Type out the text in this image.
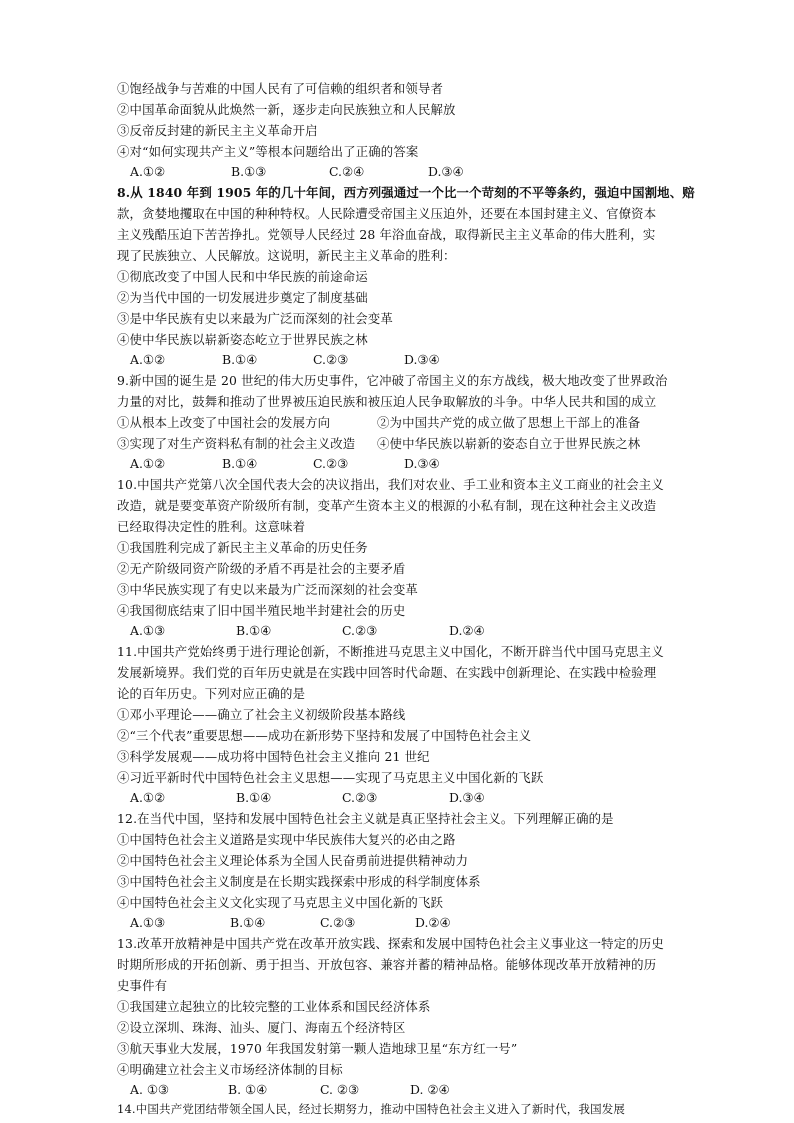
①饱经战争与苦难的中国人民有了可信赖的组织者和领导者
②中国革命面貌从此焕然一新，逐步走向民族独立和人民解放
③反帝反封建的新民主主义革命开启
④对“如何实现共产主义”等根本问题给出了正确的答案
A.①②	B.①③	C.②④	D.③④
8.从 1840 年到 1905 年的几十年间，西方列强通过一个比一个苛刻的不平等条约，强迫中国割地、赔
款，贪婪地攫取在中国的种种特权。人民除遭受帝国主义压迫外，还要在本国封建主义、官僚资本
主义残酷压迫下苦苦挣扎。党领导人民经过 28 年浴血奋战，取得新民主主义革命的伟大胜利，实
现了民族独立、人民解放。这说明，新民主主义革命的胜利：
①彻底改变了中国人民和中华民族的前途命运
②为当代中国的一切发展进步奠定了制度基础
③是中华民族有史以来最为广泛而深刻的社会变革
④使中华民族以崭新姿态屹立于世界民族之林
A.①②	B.①④	C.②③	D.③④
9.新中国的诞生是 20 世纪的伟大历史事件，它冲破了帝国主义的东方战线，极大地改变了世界政治
力量的对比，鼓舞和推动了世界被压迫民族和被压迫人民争取解放的斗争。中华人民共和国的成立
①从根本上改变了中国社会的发展方向	②为中国共产党的成立做了思想上干部上的准备
③实现了对生产资料私有制的社会主义改造 ④使中华民族以崭新的姿态自立于世界民族之林
A.①②	B.①④	C.②③	D.③④
10.中国共产党第八次全国代表大会的决议指出，我们对农业、手工业和资本主义工商业的社会主义
改造，就是要变革资产阶级所有制，变革产生资本主义的根源的小私有制，现在这种社会主义改造
已经取得决定性的胜利。这意味着
①我国胜利完成了新民主主义革命的历史任务
②无产阶级同资产阶级的矛盾不再是社会的主要矛盾
③中华民族实现了有史以来最为广泛而深刻的社会变革
④我国彻底结束了旧中国半殖民地半封建社会的历史
A.①③	B.①④	C.②③	D.②④
11.中国共产党始终勇于进行理论创新，不断推进马克思主义中国化，不断开辟当代中国马克思主义
发展新境界。我们党的百年历史就是在实践中回答时代命题、在实践中创新理论、在实践中检验理
论的百年历史。下列对应正确的是
①邓小平理论——确立了社会主义初级阶段基本路线
②“三个代表”重要思想——成功在新形势下坚持和发展了中国特色社会主义
③科学发展观——成功将中国特色社会主义推向 21 世纪
④习近平新时代中国特色社会主义思想——实现了马克思主义中国化新的飞跃
A.①②	B.①④	C.②③	D.③④
12.在当代中国，坚持和发展中国特色社会主义就是真正坚持社会主义。下列理解正确的是
①中国特色社会主义道路是实现中华民族伟大复兴的必由之路
②中国特色社会主义理论体系为全国人民奋勇前进提供精神动力
③中国特色社会主义制度是在长期实践探索中形成的科学制度体系
④中国特色社会主义文化实现了马克思主义中国化新的飞跃
A.①③	B.①④	C.②③	D.②④
13.改革开放精神是中国共产党在改革开放实践、探索和发展中国特色社会主义事业这一特定的历史
时期所形成的开拓创新、勇于担当、开放包容、兼容并蓄的精神品格。能够体现改革开放精神的历
史事件有
①我国建立起独立的比较完整的工业体系和国民经济体系
②设立深圳、珠海、汕头、厦门、海南五个经济特区
③航天事业大发展，1970 年我国发射第一颗人造地球卫星“东方红一号”
④明确建立社会主义市场经济体制的目标
A. ①③	B. ①④	C. ②③	D. ②④
14.中国共产党团结带领全国人民，经过长期努力，推动中国特色社会主义进入了新时代，我国发展
